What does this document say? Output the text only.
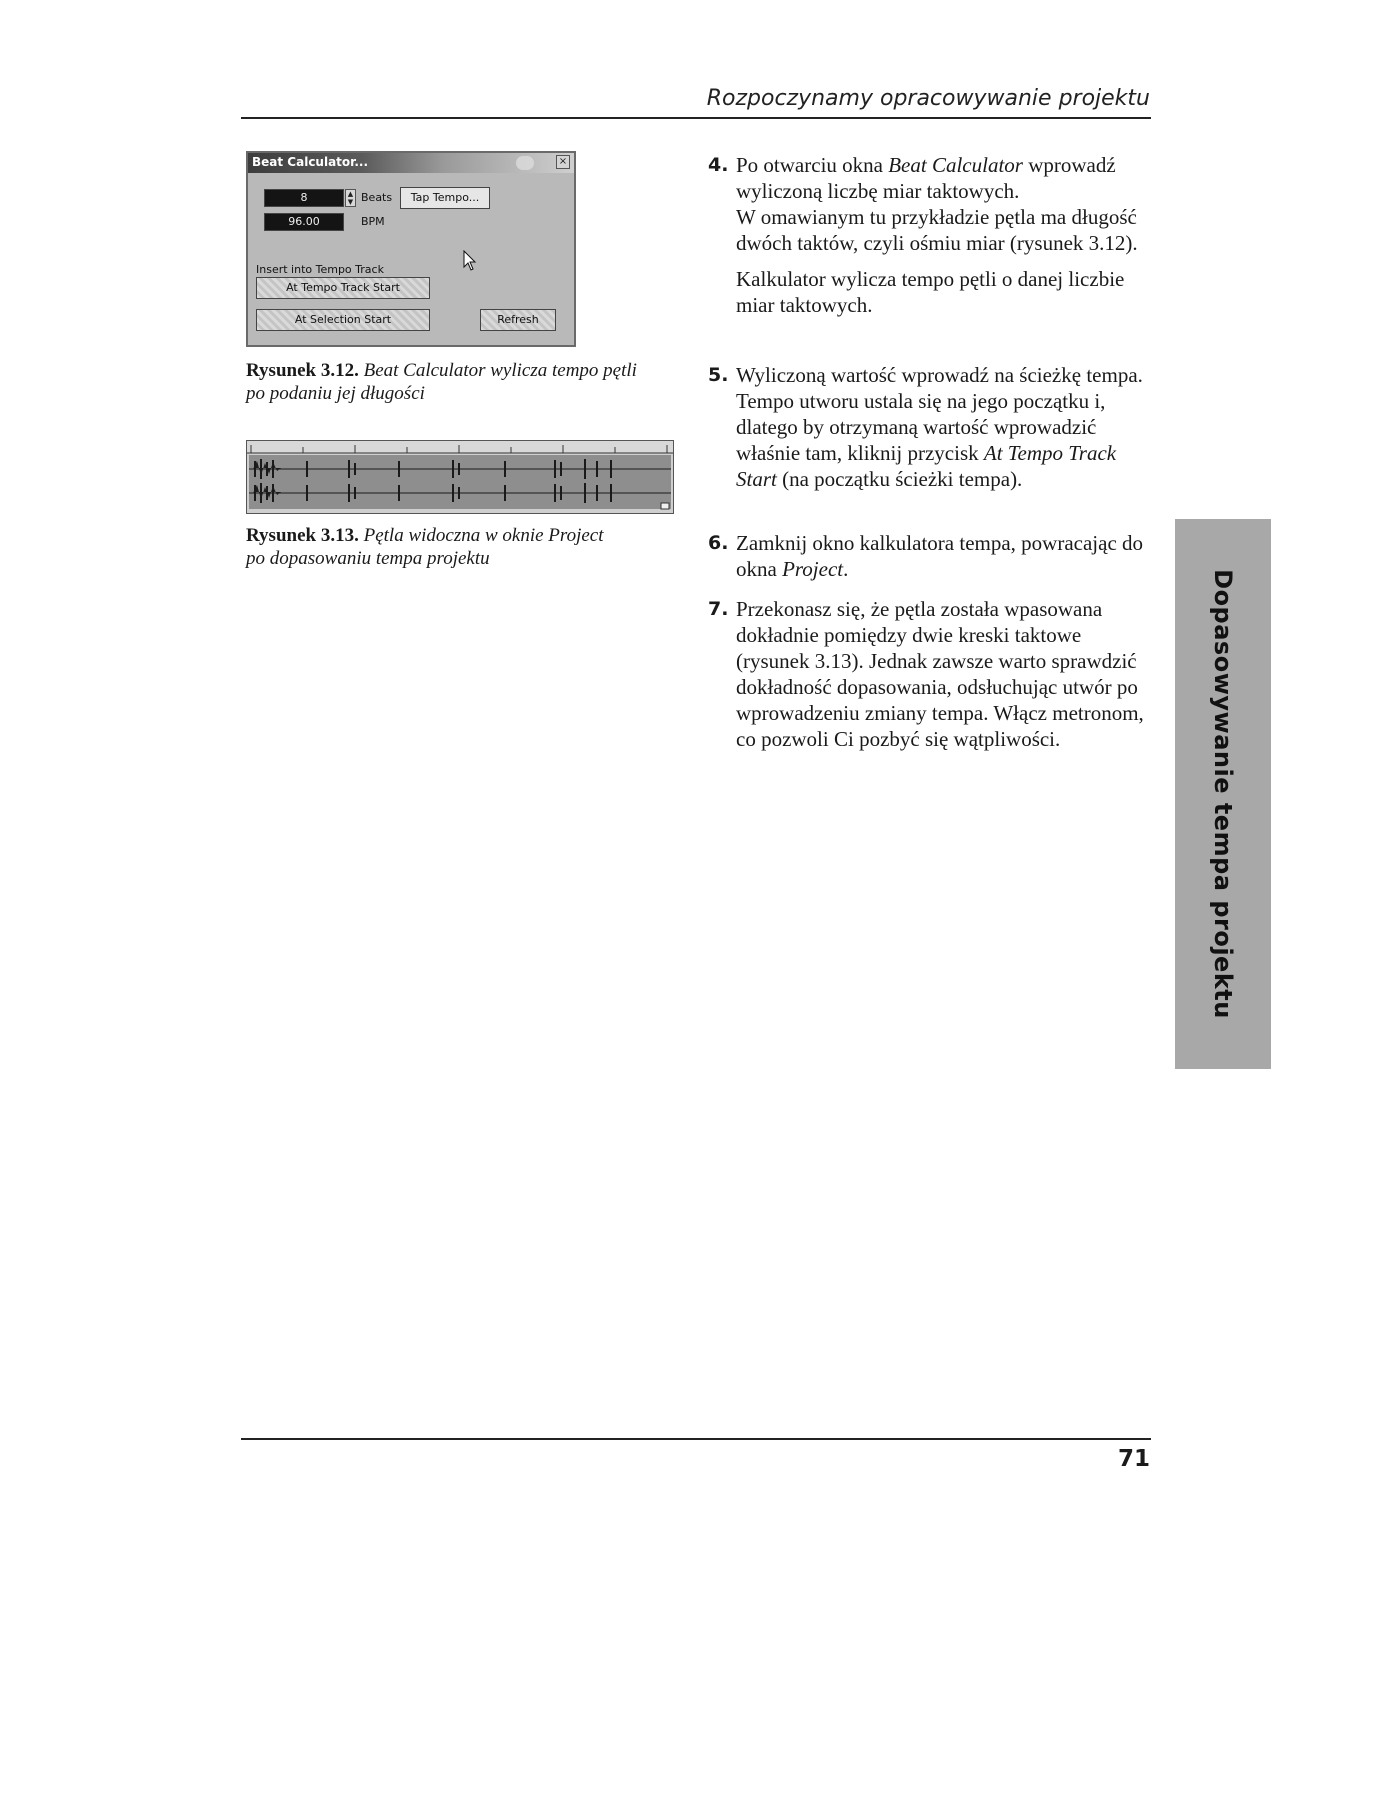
Rozpoczynamy opracowywanie projektu
Beat Calculator...	×
8	▲
▼ Beats	Tap Tempo...
96.00	BPM
Insert into Tempo Track
At Tempo Track Start
At Selection Start	Refresh
Rysunek 3.12. Beat Calculator wylicza tempo pętli
po podaniu jej długości
Rysunek 3.13. Pętla widoczna w oknie Project
po dopasowaniu tempa projektu
4. Po otwarciu okna Beat Calculator wprowadź wyliczoną liczbę miar taktowych.
W omawianym tu przykładzie pętla ma długość dwóch taktów, czyli ośmiu miar (rysunek 3.12).
Kalkulator wylicza tempo pętli o danej liczbie miar taktowych.
5. Wyliczoną wartość wprowadź na ścieżkę tempa. Tempo utworu ustala się na jego początku i, dlatego by otrzymaną wartość wprowadzić właśnie tam, kliknij przycisk At Tempo Track Start (na początku ścieżki tempa).
6. Zamknij okno kalkulatora tempa, powracając do okna Project.
7. Przekonasz się, że pętla została wpasowana dokładnie pomiędzy dwie kreski taktowe (rysunek 3.13). Jednak zawsze warto sprawdzić dokładność dopasowania, odsłuchując utwór po wprowadzeniu zmiany tempa. Włącz metronom, co pozwoli Ci pozbyć się wątpliwości.	Dopasowywanie tempa projektu
71
